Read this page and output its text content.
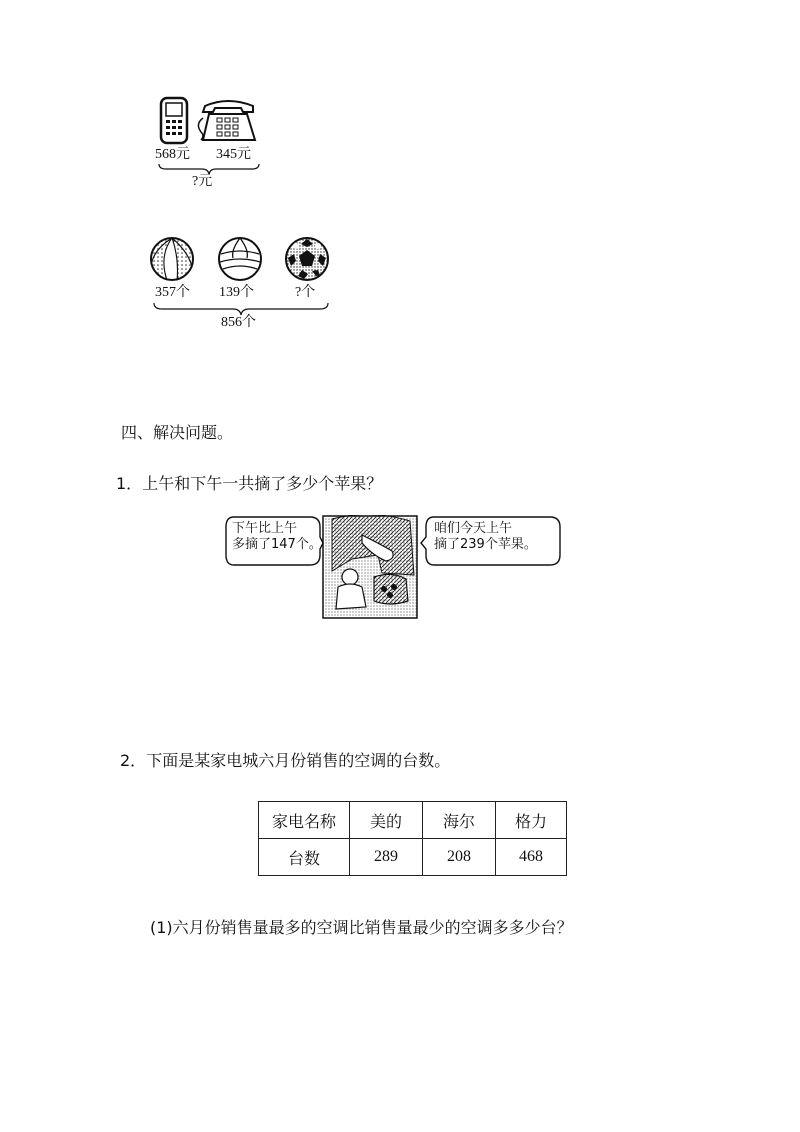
568元 345元
?元
357个 139个	?个
856个
四、解决问题。
1．上午和下午一共摘了多少个苹果？
下午比上午
多摘了147个。
咱们今天上午
摘了239个苹果。
2．下面是某家电城六月份销售的空调的台数。
家电名称	美的	海尔	格力
台数	289	208	468
(1)六月份销售量最多的空调比销售量最少的空调多多少台？
